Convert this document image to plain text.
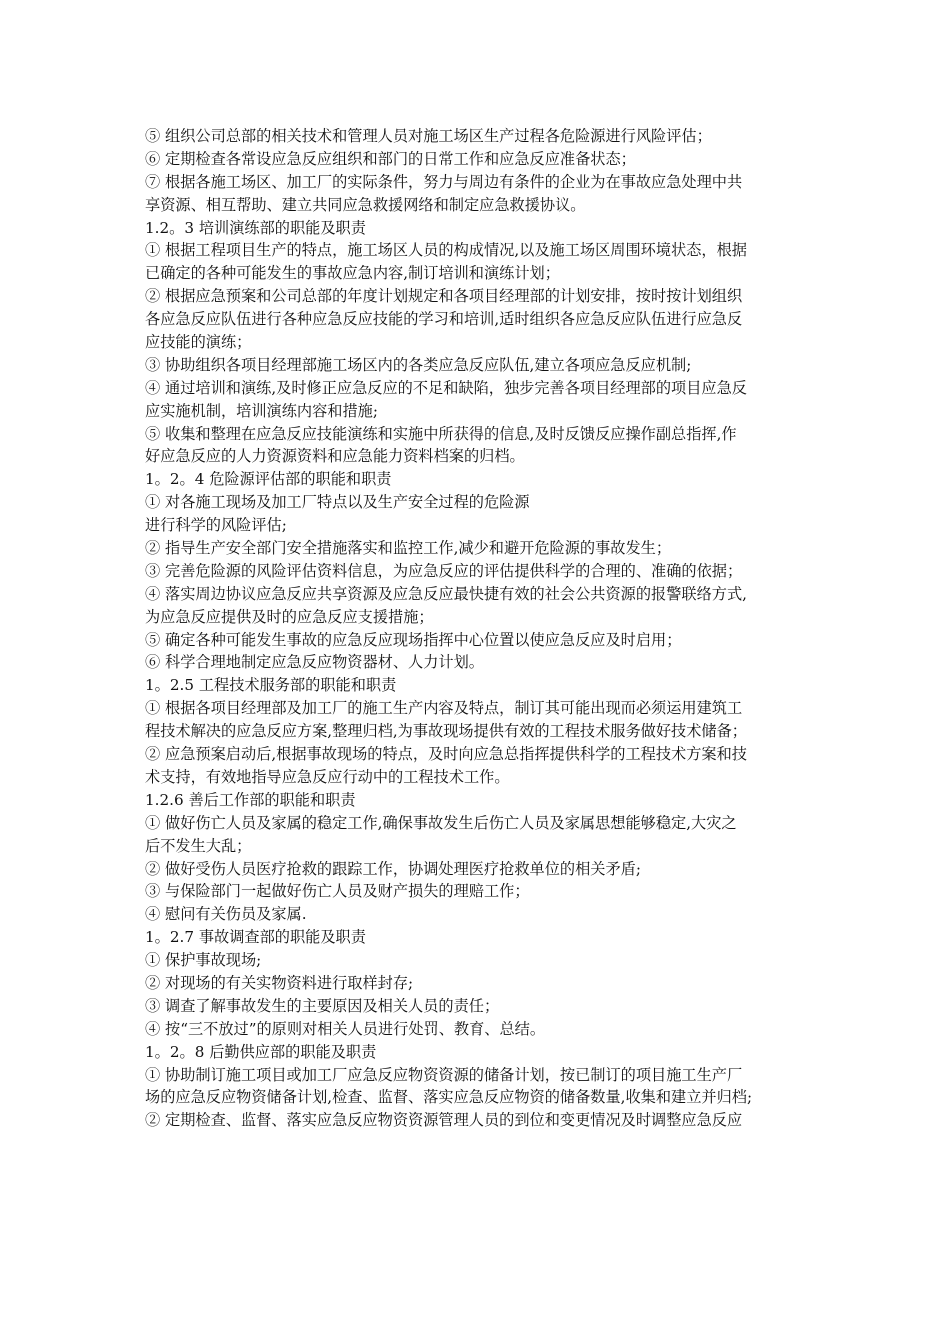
⑤ 组织公司总部的相关技术和管理人员对施工场区生产过程各危险源进行风险评估；
⑥ 定期检查各常设应急反应组织和部门的日常工作和应急反应准备状态；
⑦ 根据各施工场区、加工厂的实际条件，努力与周边有条件的企业为在事故应急处理中共
享资源、相互帮助、建立共同应急救援网络和制定应急救援协议。
1.2。3 培训演练部的职能及职责
① 根据工程项目生产的特点，施工场区人员的构成情况,以及施工场区周围环境状态，根据
已确定的各种可能发生的事故应急内容,制订培训和演练计划；
② 根据应急预案和公司总部的年度计划规定和各项目经理部的计划安排，按时按计划组织
各应急反应队伍进行各种应急反应技能的学习和培训,适时组织各应急反应队伍进行应急反
应技能的演练；
③ 协助组织各项目经理部施工场区内的各类应急反应队伍,建立各项应急反应机制;
④ 通过培训和演练,及时修正应急反应的不足和缺陷，独步完善各项目经理部的项目应急反
应实施机制，培训演练内容和措施;
⑤ 收集和整理在应急反应技能演练和实施中所获得的信息,及时反馈反应操作副总指挥,作
好应急反应的人力资源资料和应急能力资料档案的归档。
1。2。4 危险源评估部的职能和职责
① 对各施工现场及加工厂特点以及生产安全过程的危险源
进行科学的风险评估;
② 指导生产安全部门安全措施落实和监控工作,减少和避开危险源的事故发生；
③ 完善危险源的风险评估资料信息，为应急反应的评估提供科学的合理的、准确的依据；
④ 落实周边协议应急反应共享资源及应急反应最快捷有效的社会公共资源的报警联络方式,
为应急反应提供及时的应急反应支援措施；
⑤ 确定各种可能发生事故的应急反应现场指挥中心位置以使应急反应及时启用；
⑥ 科学合理地制定应急反应物资器材、人力计划。
1。2.5 工程技术服务部的职能和职责
① 根据各项目经理部及加工厂的施工生产内容及特点，制订其可能出现而必须运用建筑工
程技术解决的应急反应方案,整理归档,为事故现场提供有效的工程技术服务做好技术储备；
② 应急预案启动后,根据事故现场的特点，及时向应急总指挥提供科学的工程技术方案和技
术支持，有效地指导应急反应行动中的工程技术工作。
1.2.6 善后工作部的职能和职责
① 做好伤亡人员及家属的稳定工作,确保事故发生后伤亡人员及家属思想能够稳定,大灾之
后不发生大乱；
② 做好受伤人员医疗抢救的跟踪工作，协调处理医疗抢救单位的相关矛盾;
③ 与保险部门一起做好伤亡人员及财产损失的理赔工作；
④ 慰问有关伤员及家属.
1。2.7 事故调查部的职能及职责
① 保护事故现场;
② 对现场的有关实物资料进行取样封存;
③ 调查了解事故发生的主要原因及相关人员的责任；
④ 按“三不放过”的原则对相关人员进行处罚、教育、总结。
1。2。8 后勤供应部的职能及职责
① 协助制订施工项目或加工厂应急反应物资资源的储备计划，按已制订的项目施工生产厂
场的应急反应物资储备计划,检查、监督、落实应急反应物资的储备数量,收集和建立并归档;
② 定期检查、监督、落实应急反应物资资源管理人员的到位和变更情况及时调整应急反应
